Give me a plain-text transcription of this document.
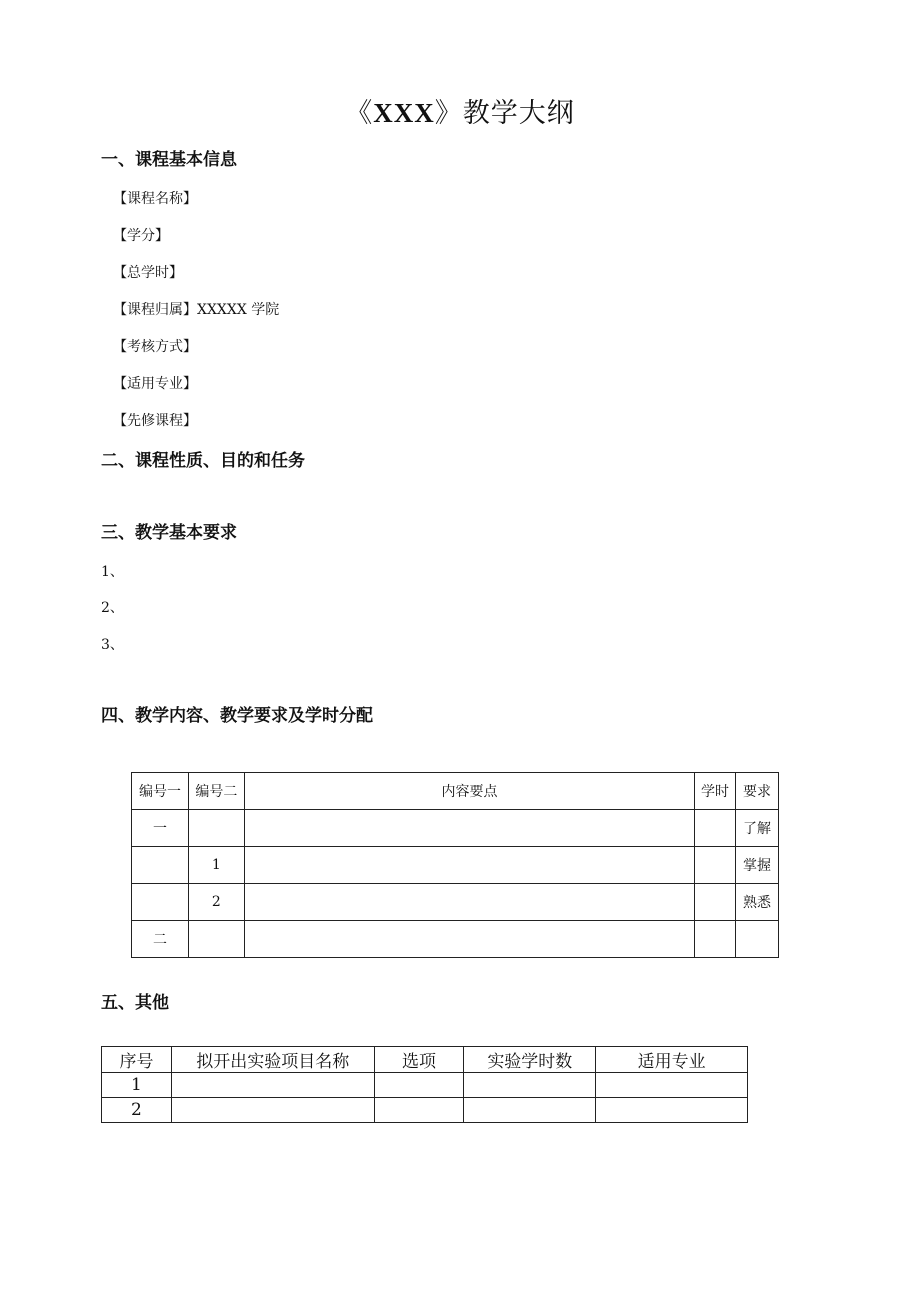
《XXX》教学大纲
一、课程基本信息
【课程名称】
【学分】
【总学时】
【课程归属】XXXXX 学院
【考核方式】
【适用专业】
【先修课程】
二、课程性质、目的和任务
三、教学基本要求
1、
2、
3、
四、教学内容、教学要求及学时分配
编号一	编号二	内容要点	学时	要求
一				了解
	1			掌握
	2			熟悉
二				
五、其他
序号	拟开出实验项目名称	选项	实验学时数	适用专业
1				
2				
